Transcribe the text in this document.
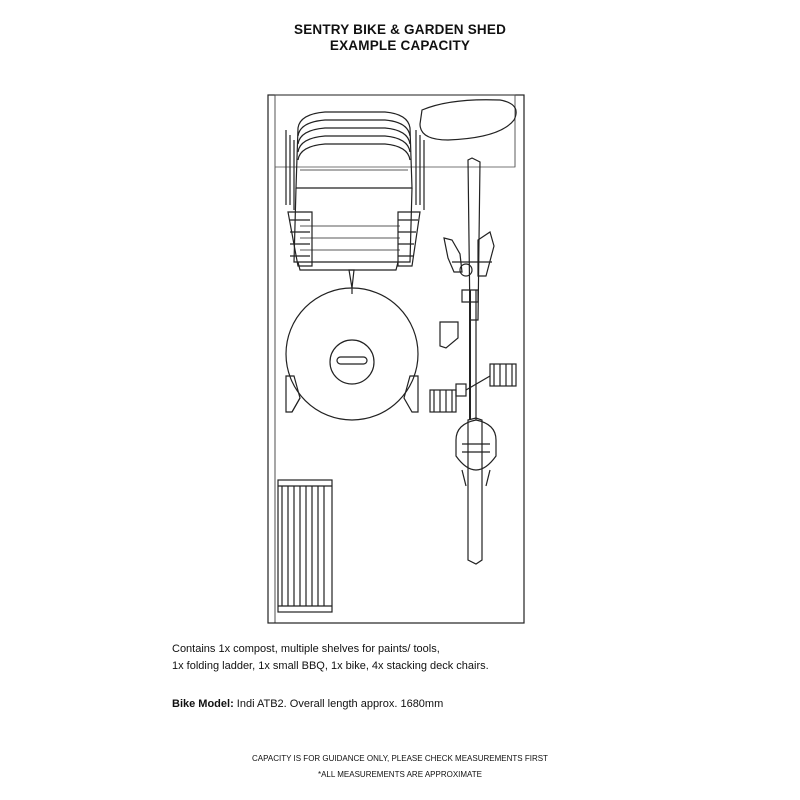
SENTRY BIKE & GARDEN SHED
EXAMPLE CAPACITY
Contains 1x compost, multiple shelves for paints/ tools,
1x folding ladder, 1x small BBQ, 1x bike, 4x stacking deck chairs.
Bike Model: Indi ATB2. Overall length approx. 1680mm
CAPACITY IS FOR GUIDANCE ONLY, PLEASE CHECK MEASUREMENTS FIRST
*ALL MEASUREMENTS ARE APPROXIMATE
